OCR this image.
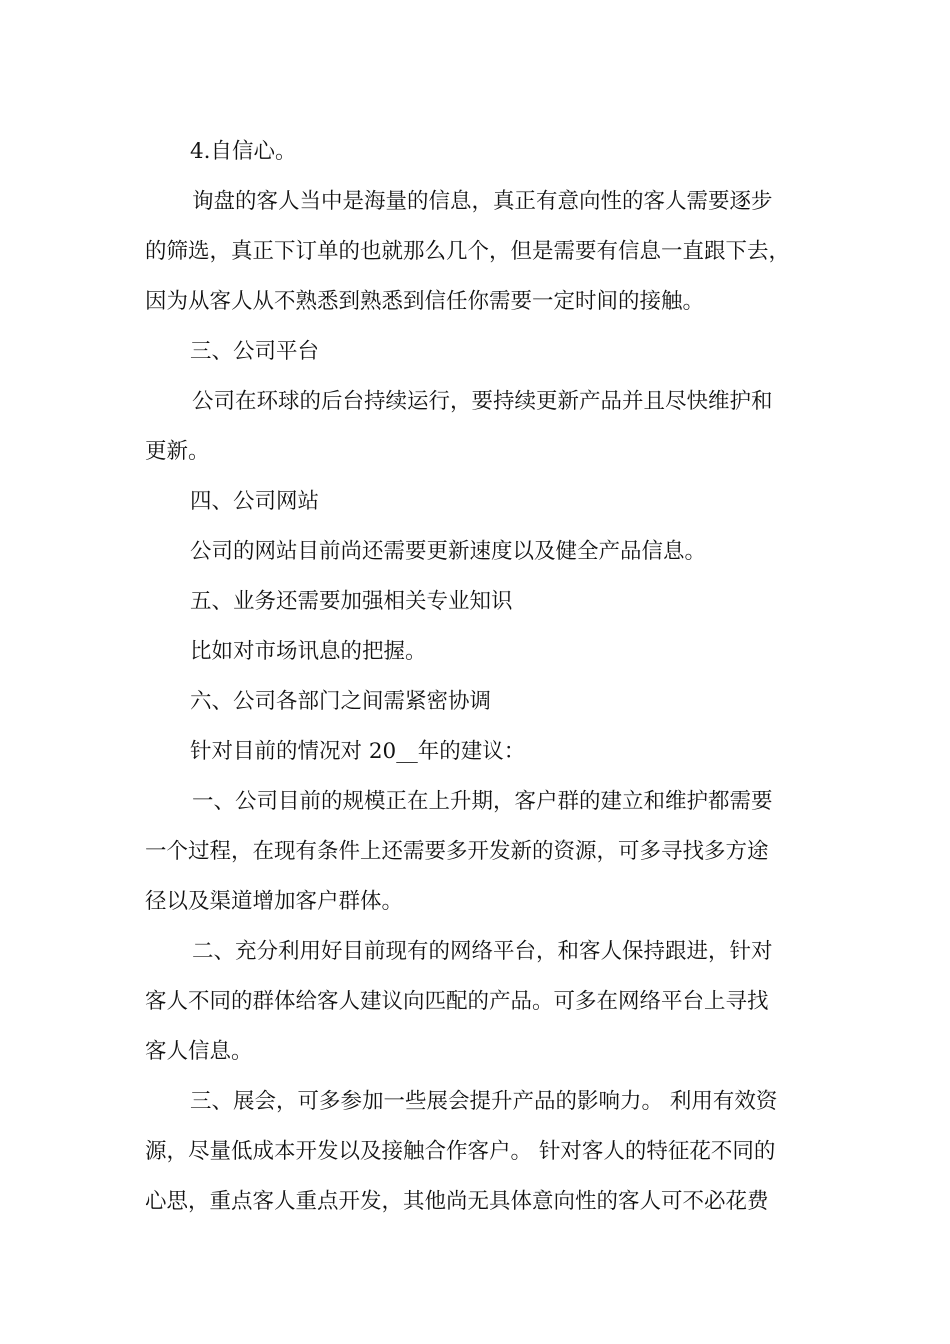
4.自信心。
询盘的客人当中是海量的信息，真正有意向性的客人需要逐步
的筛选，真正下订单的也就那么几个，但是需要有信息一直跟下去，
因为从客人从不熟悉到熟悉到信任你需要一定时间的接触。
三、公司平台
公司在环球的后台持续运行，要持续更新产品并且尽快维护和
更新。
四、公司网站
公司的网站目前尚还需要更新速度以及健全产品信息。
五、业务还需要加强相关专业知识
比如对市场讯息的把握。
六、公司各部门之间需紧密协调
针对目前的情况对 20__年的建议：
一、公司目前的规模正在上升期，客户群的建立和维护都需要
一个过程，在现有条件上还需要多开发新的资源，可多寻找多方途
径以及渠道增加客户群体。
二、充分利用好目前现有的网络平台，和客人保持跟进，针对
客人不同的群体给客人建议向匹配的产品。可多在网络平台上寻找
客人信息。
三、展会，可多参加一些展会提升产品的影响力。 利用有效资
源，尽量低成本开发以及接触合作客户。 针对客人的特征花不同的
心思，重点客人重点开发，其他尚无具体意向性的客人可不必花费
